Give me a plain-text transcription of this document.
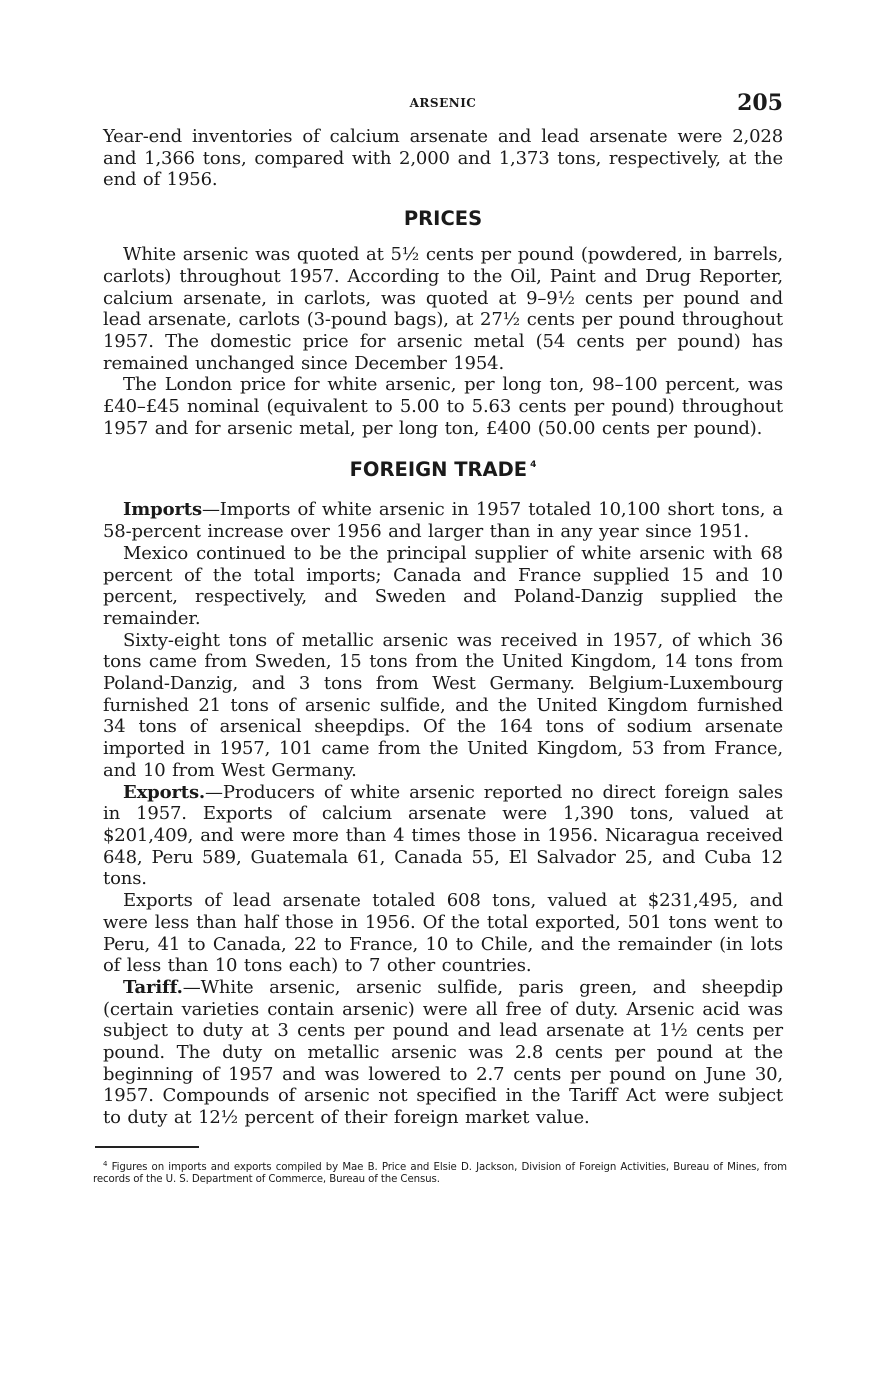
ARSENIC	205

Year-end inventories of calcium arsenate and lead arsenate were 2,028 and 1,366 tons, compared with 2,000 and 1,373 tons, respectively, at the end of 1956.

PRICES

White arsenic was quoted at 5½ cents per pound (powdered, in barrels, carlots) throughout 1957. According to the Oil, Paint and Drug Reporter, calcium arsenate, in carlots, was quoted at 9–9½ cents per pound and lead arsenate, carlots (3-pound bags), at 27½ cents per pound throughout 1957. The domestic price for arsenic metal (54 cents per pound) has remained unchanged since December 1954.

The London price for white arsenic, per long ton, 98–100 percent, was £40–£45 nominal (equivalent to 5.00 to 5.63 cents per pound) throughout 1957 and for arsenic metal, per long ton, £400 (50.00 cents per pound).

FOREIGN TRADE $^4$

Imports—Imports of white arsenic in 1957 totaled 10,100 short tons, a 58-percent increase over 1956 and larger than in any year since 1951.

Mexico continued to be the principal supplier of white arsenic with 68 percent of the total imports; Canada and France supplied 15 and 10 percent, respectively, and Sweden and Poland-Danzig supplied the remainder.

Sixty-eight tons of metallic arsenic was received in 1957, of which 36 tons came from Sweden, 15 tons from the United Kingdom, 14 tons from Poland-Danzig, and 3 tons from West Germany. Belgium-Luxembourg furnished 21 tons of arsenic sulfide, and the United Kingdom furnished 34 tons of arsenical sheepdips. Of the 164 tons of sodium arsenate imported in 1957, 101 came from the United Kingdom, 53 from France, and 10 from West Germany.

Exports.—Producers of white arsenic reported no direct foreign sales in 1957. Exports of calcium arsenate were 1,390 tons, valued at $201,409, and were more than 4 times those in 1956. Nicaragua received 648, Peru 589, Guatemala 61, Canada 55, El Salvador 25, and Cuba 12 tons.

Exports of lead arsenate totaled 608 tons, valued at $231,495, and were less than half those in 1956. Of the total exported, 501 tons went to Peru, 41 to Canada, 22 to France, 10 to Chile, and the remainder (in lots of less than 10 tons each) to 7 other countries.

Tariff.—White arsenic, arsenic sulfide, paris green, and sheepdip (certain varieties contain arsenic) were all free of duty. Arsenic acid was subject to duty at 3 cents per pound and lead arsenate at 1½ cents per pound. The duty on metallic arsenic was 2.8 cents per pound at the beginning of 1957 and was lowered to 2.7 cents per pound on June 30, 1957. Compounds of arsenic not specified in the Tariff Act were subject to duty at 12½ percent of their foreign market value.

$^4$ Figures on imports and exports compiled by Mae B. Price and Elsie D. Jackson, Division of Foreign Activities, Bureau of Mines, from records of the U. S. Department of Commerce, Bureau of the Census.
